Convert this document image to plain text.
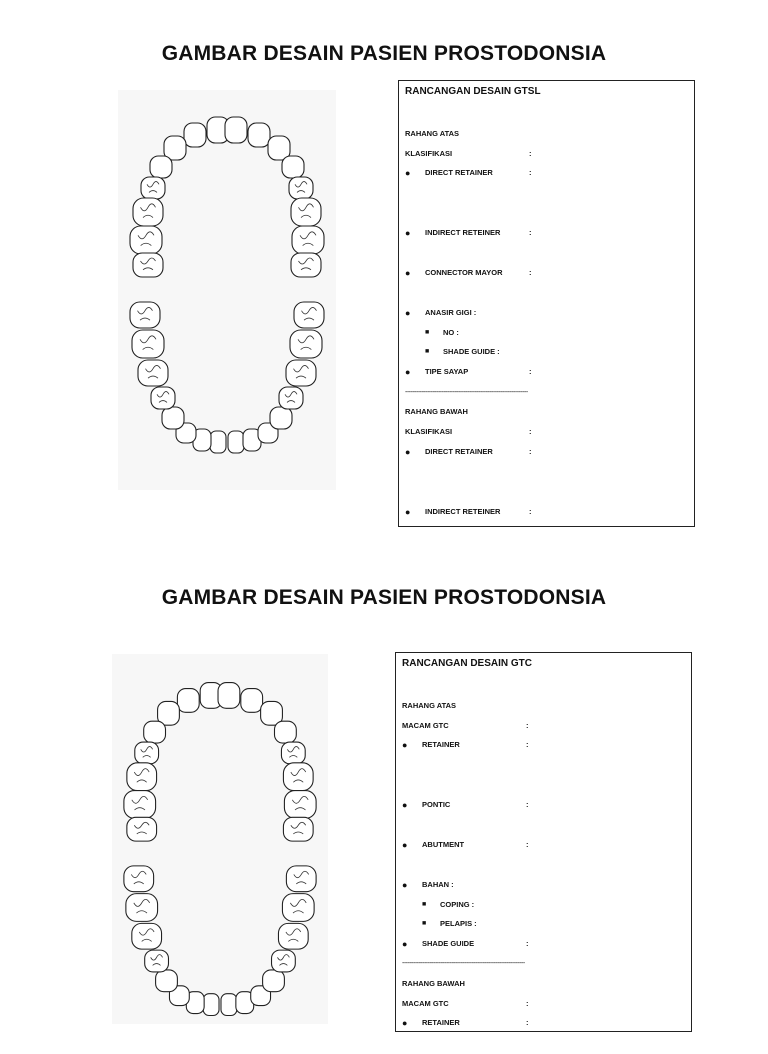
GAMBAR DESAIN PASIEN PROSTODONSIA
RANCANGAN DESAIN GTSL
RAHANG ATAS
KLASIFIKASI	:
● DIRECT RETAINER	:
● INDIRECT RETEINER	:
● CONNECTOR MAYOR	:
● ANASIR GIGI :
■ NO :
■ SHADE GUIDE :
● TIPE SAYAP	:
-------------------------------------------------------------------
RAHANG BAWAH
KLASIFIKASI	:
● DIRECT RETAINER	:
● INDIRECT RETEINER	:
GAMBAR DESAIN PASIEN PROSTODONSIA
RANCANGAN DESAIN GTC
RAHANG ATAS
MACAM GTC	:
● RETAINER	:
● PONTIC	:
● ABUTMENT	:
● BAHAN :
■ COPING :
■ PELAPIS :
● SHADE GUIDE	:
-------------------------------------------------------------------
RAHANG BAWAH
MACAM GTC	:
● RETAINER	:
